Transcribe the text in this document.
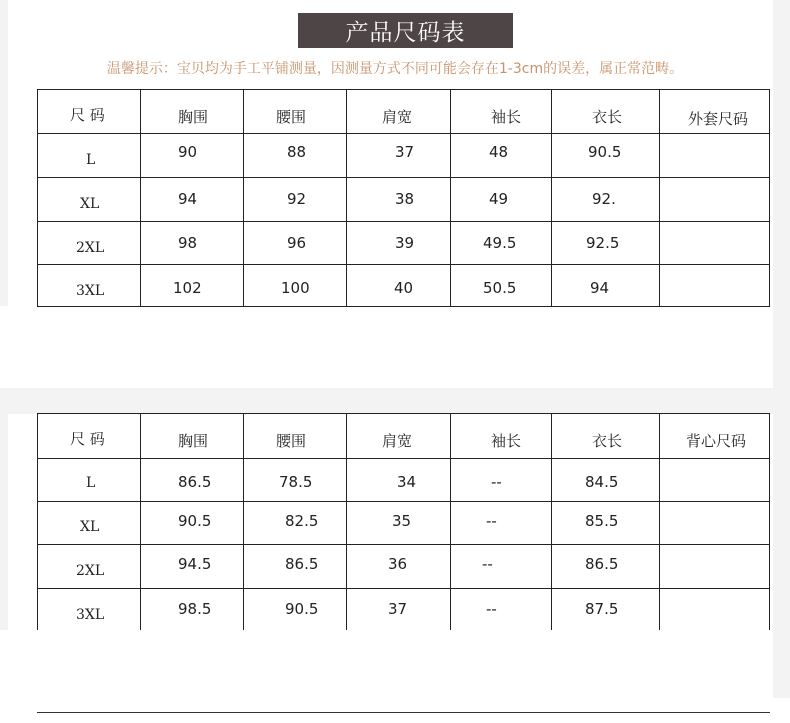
产品尺码表
温馨提示：宝贝均为手工平铺测量，因测量方式不同可能会存在1-3cm的误差，属正常范畴。
尺 码	胸围	腰围	肩宽	袖长	衣长	外套尺码
L	90	88	37	48	90.5	
XL	94	92	38	49	92.	
2XL	98	96	39	49.5	92.5	
3XL	102	100	40	50.5	94	
尺 码	胸围	腰围	肩宽	袖长	衣长	背心尺码
L	86.5	78.5	34	--	84.5	
XL	90.5	82.5	35	--	85.5	
2XL	94.5	86.5	36	--	86.5	
3XL	98.5	90.5	37	--	87.5	
